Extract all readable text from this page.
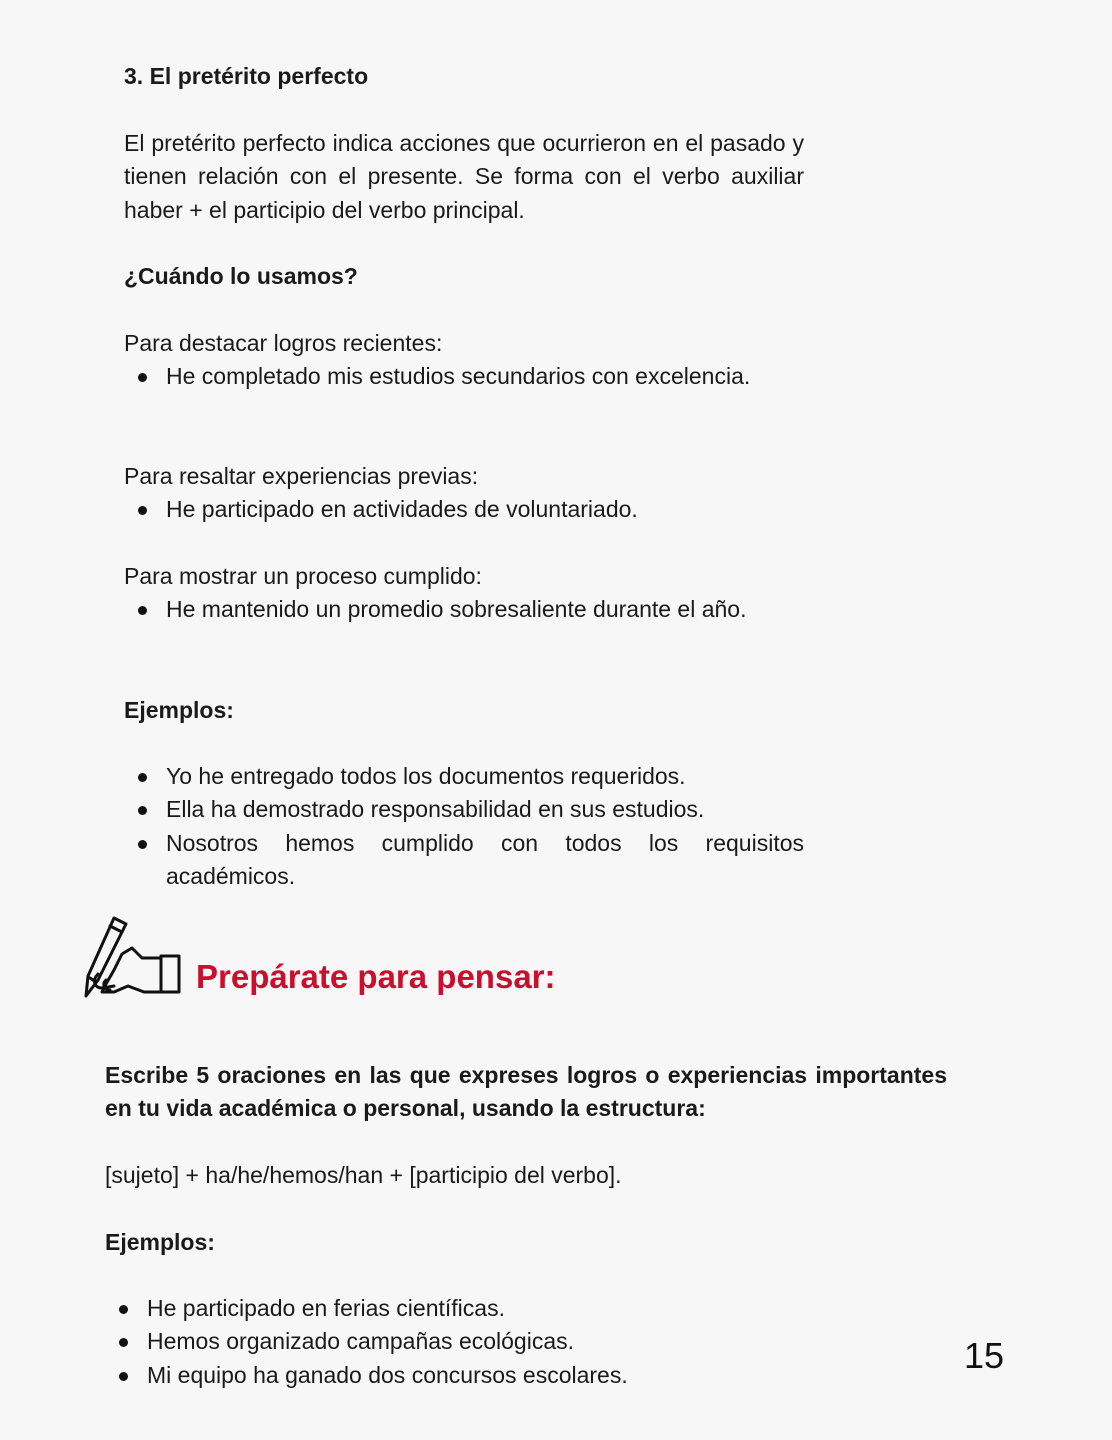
3. El pretérito perfecto
El pretérito perfecto indica acciones que ocurrieron en el pasado y tienen relación con el presente. Se forma con el verbo auxiliar haber + el participio del verbo principal.
¿Cuándo lo usamos?
Para destacar logros recientes:
He completado mis estudios secundarios con excelencia.
Para resaltar experiencias previas:
He participado en actividades de voluntariado.
Para mostrar un proceso cumplido:
He mantenido un promedio sobresaliente durante el año.
Ejemplos:
Yo he entregado todos los documentos requeridos.
Ella ha demostrado responsabilidad en sus estudios.
Nosotros hemos cumplido con todos los requisitos académicos.
Prepárate para pensar:
Escribe 5 oraciones en las que expreses logros o experiencias importantes en tu vida académica o personal, usando la estructura:
[sujeto] + ha/he/hemos/han + [participio del verbo].
Ejemplos:
He participado en ferias científicas.
Hemos organizado campañas ecológicas.
Mi equipo ha ganado dos concursos escolares.	15
